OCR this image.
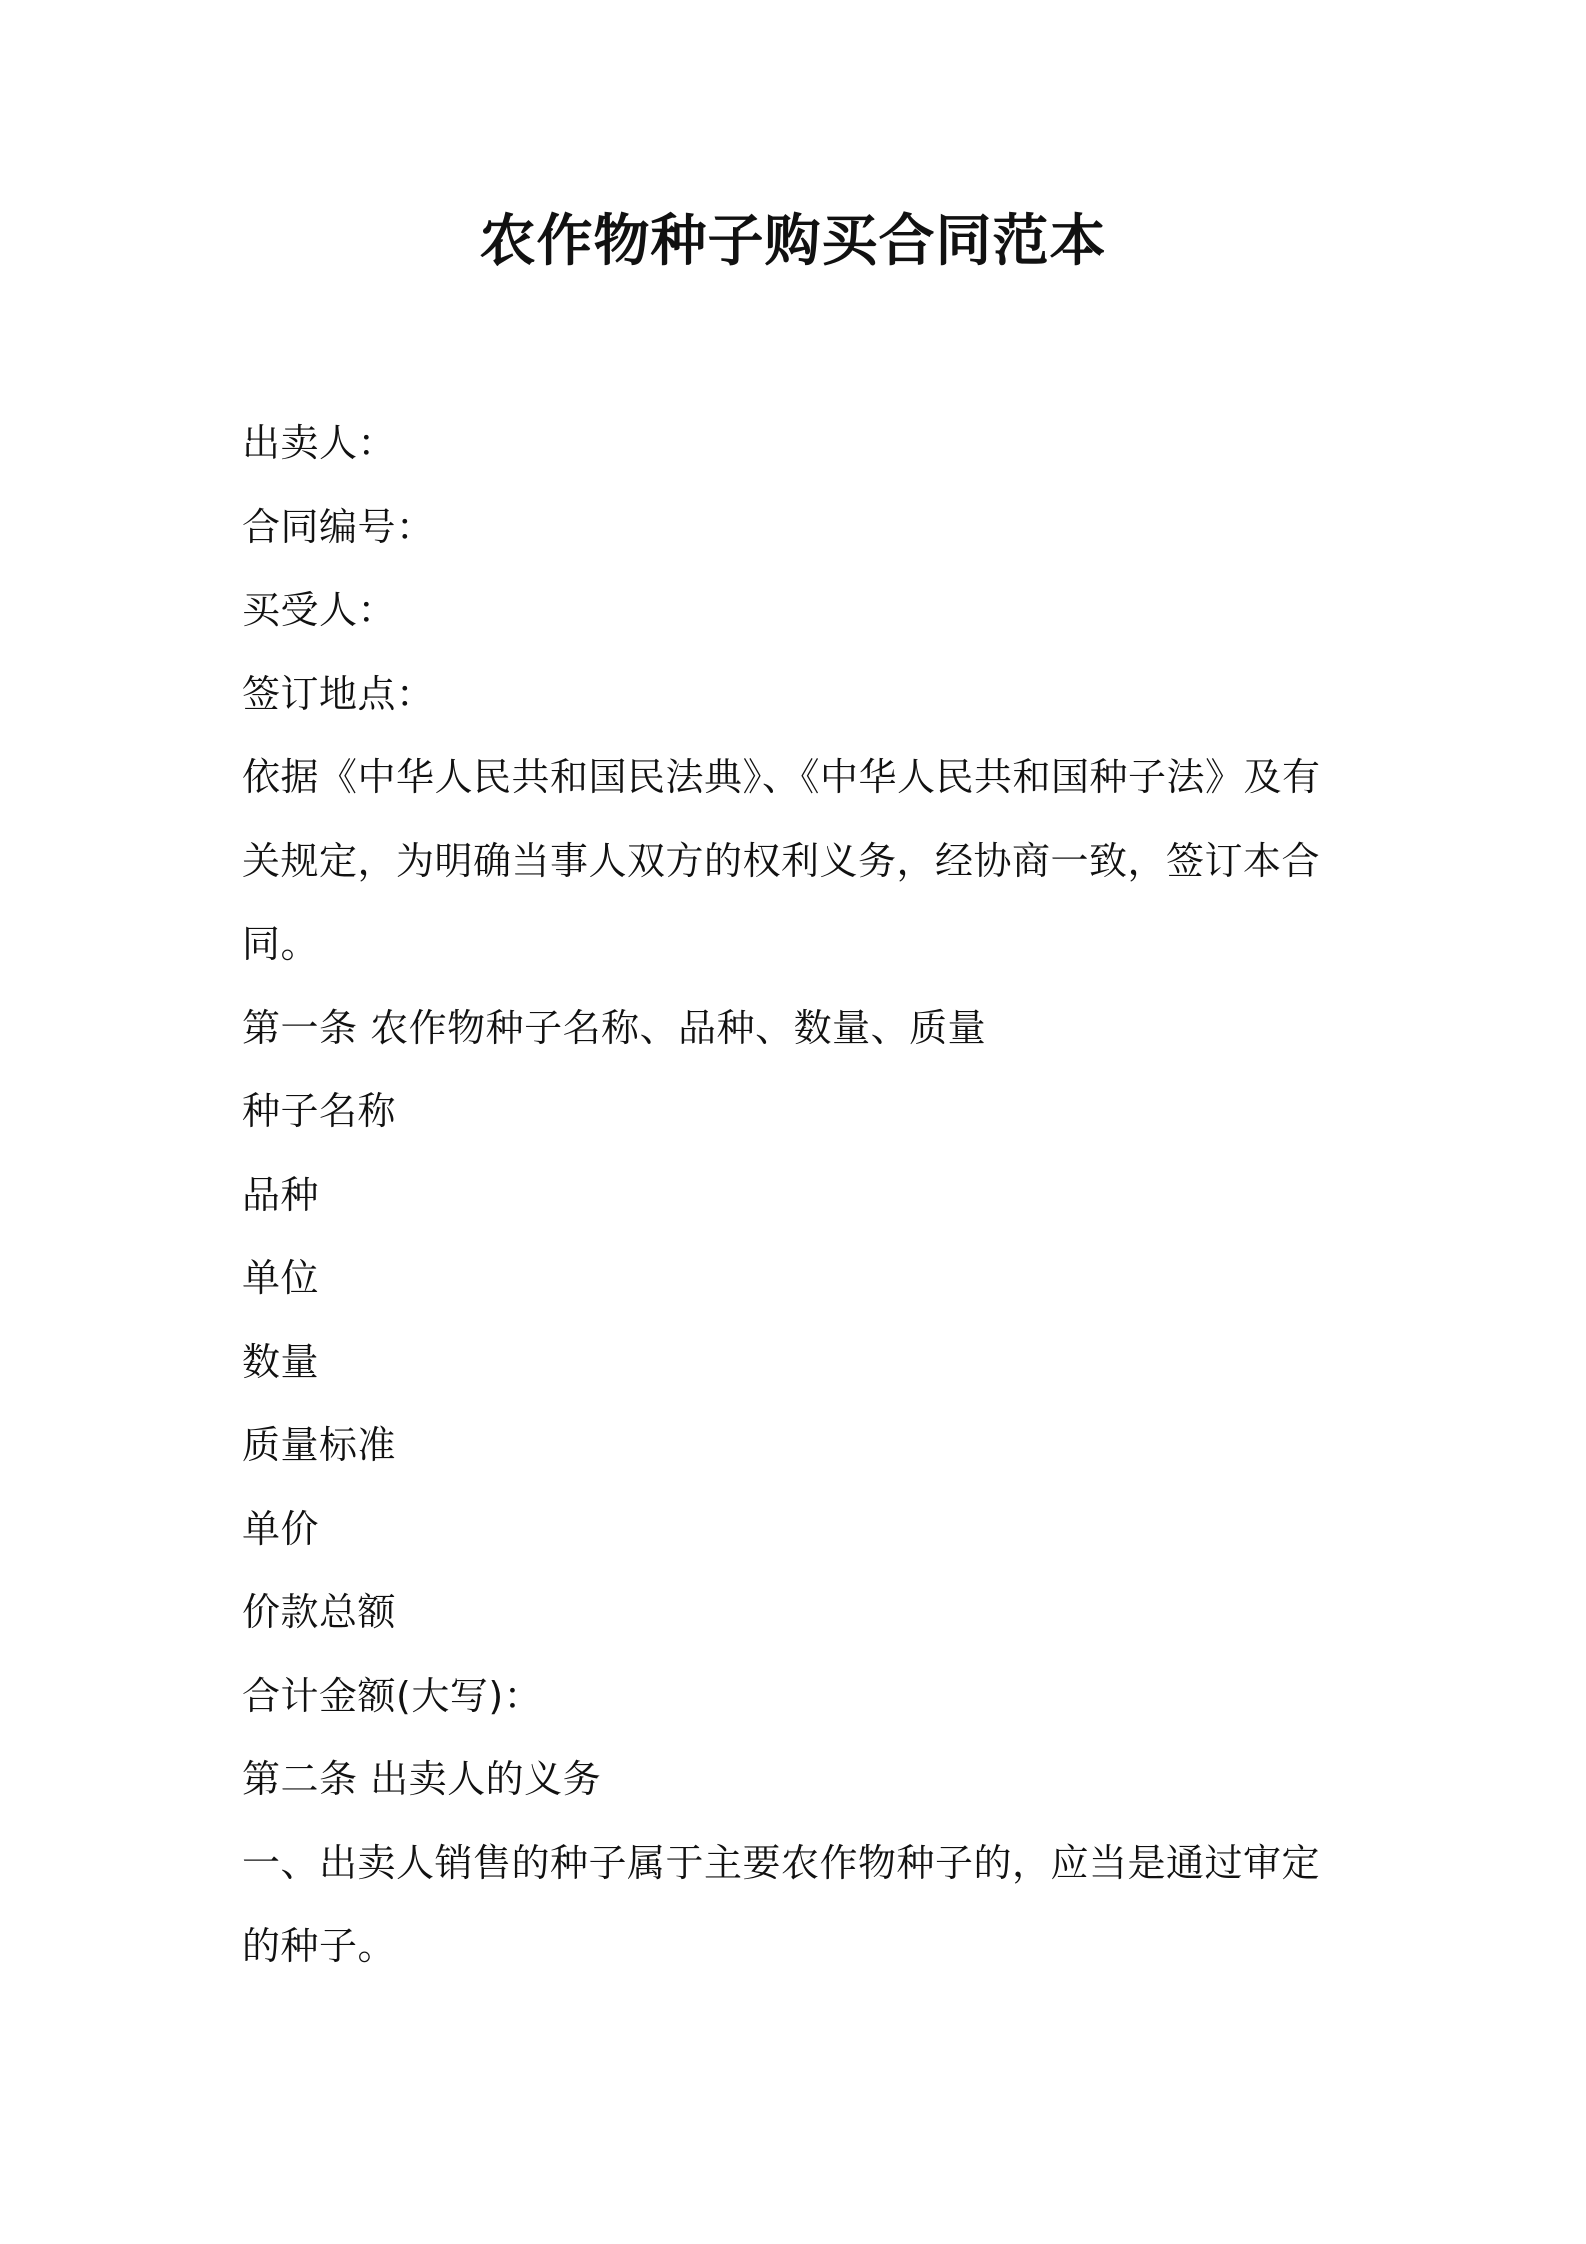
农作物种子购买合同范本
出卖人：
合同编号：
买受人：
签订地点：
依据《中华人民共和国民法典》、《中华人民共和国种子法》及有关规定，为明确当事人双方的权利义务，经协商一致，签订本合同。
第一条 农作物种子名称、品种、数量、质量
种子名称
品种
单位
数量
质量标准
单价
价款总额
合计金额(大写)：
第二条 出卖人的义务
一、出卖人销售的种子属于主要农作物种子的，应当是通过审定的种子。
